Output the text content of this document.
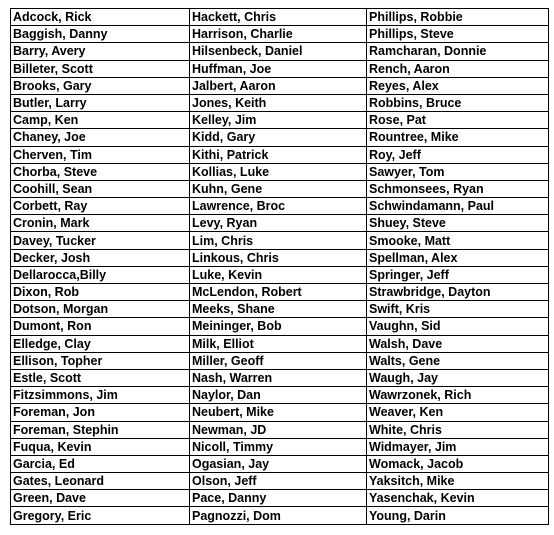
Adcock, Rick	Hackett, Chris	Phillips, Robbie
Baggish, Danny	Harrison, Charlie	Phillips, Steve
Barry, Avery	Hilsenbeck, Daniel	Ramcharan, Donnie
Billeter, Scott	Huffman, Joe	Rench, Aaron
Brooks, Gary	Jalbert, Aaron	Reyes, Alex
Butler, Larry	Jones, Keith	Robbins, Bruce
Camp, Ken	Kelley, Jim	Rose, Pat
Chaney, Joe	Kidd, Gary	Rountree, Mike
Cherven, Tim	Kithi, Patrick	Roy, Jeff
Chorba, Steve	Kollias, Luke	Sawyer, Tom
Coohill, Sean	Kuhn, Gene	Schmonsees, Ryan
Corbett, Ray	Lawrence, Broc	Schwindamann, Paul
Cronin, Mark	Levy, Ryan	Shuey, Steve
Davey, Tucker	Lim, Chris	Smooke, Matt
Decker, Josh	Linkous, Chris	Spellman, Alex
Dellarocca,Billy	Luke, Kevin	Springer, Jeff
Dixon, Rob	McLendon, Robert	Strawbridge, Dayton
Dotson, Morgan	Meeks, Shane	Swift, Kris
Dumont, Ron	Meininger, Bob	Vaughn, Sid
Elledge, Clay	Milk, Elliot	Walsh, Dave
Ellison, Topher	Miller, Geoff	Walts, Gene
Estle, Scott	Nash, Warren	Waugh, Jay
Fitzsimmons, Jim	Naylor, Dan	Wawrzonek, Rich
Foreman, Jon	Neubert, Mike	Weaver, Ken
Foreman, Stephin	Newman, JD	White, Chris
Fuqua, Kevin	Nicoll, Timmy	Widmayer, Jim
Garcia, Ed	Ogasian, Jay	Womack, Jacob
Gates, Leonard	Olson, Jeff	Yaksitch, Mike
Green, Dave	Pace, Danny	Yasenchak, Kevin
Gregory, Eric	Pagnozzi, Dom	Young, Darin
